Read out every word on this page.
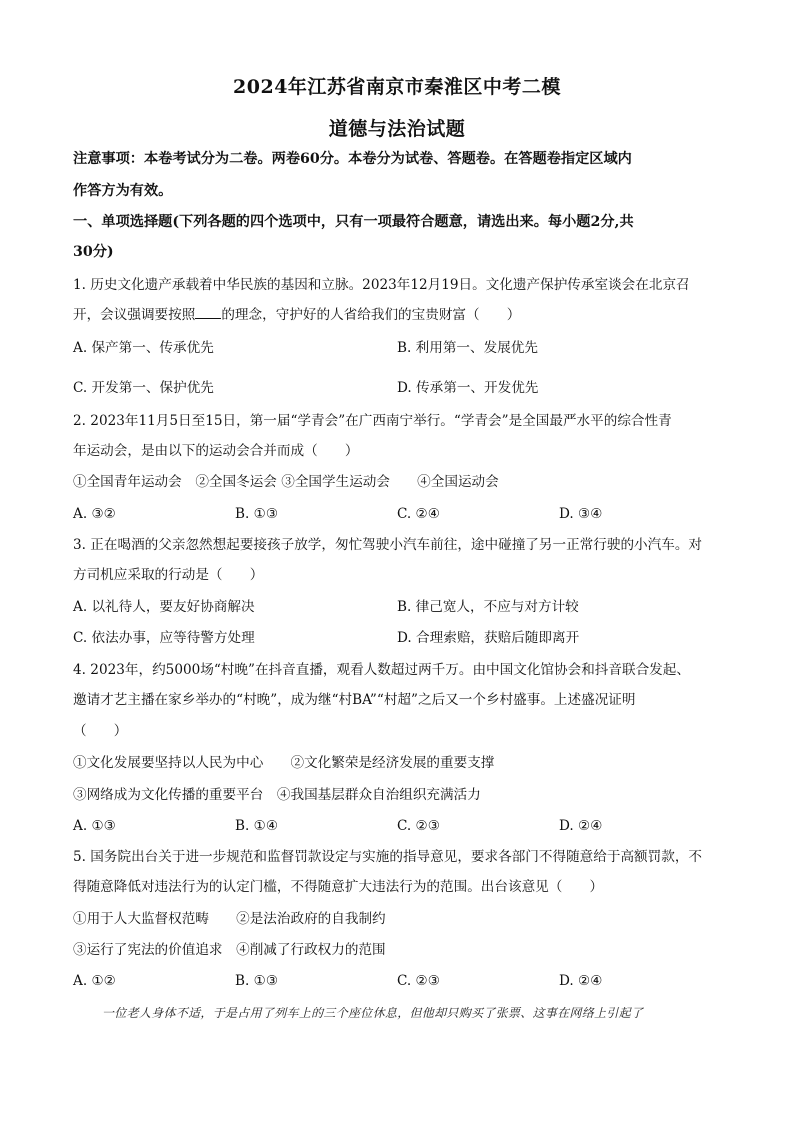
2024年江苏省南京市秦淮区中考二模
道德与法治试题
注意事项：本卷考试分为二卷。两卷60分。本卷分为试卷、答题卷。在答题卷指定区域内
作答方为有效。
一、单项选择题(下列各题的四个选项中，只有一项最符合题意，请选出来。每小题2分,共
30分)
1. 历史文化遗产承载着中华民族的基因和立脉。2023年12月19日。文化遗产保护传承室谈会在北京召
开，会议强调要按照 的理念，守护好的人省给我们的宝贵财富（　　）
A. 保产第一、传承优先	B. 利用第一、发展优先
C. 开发第一、保护优先	D. 传承第一、开发优先
2. 2023年11月5日至15日，第一届“学青会”在广西南宁举行。“学青会”是全国最严水平的综合性青
年运动会，是由以下的运动会合并而成（　　）
①全国青年运动会　②全国冬运会 ③全国学生运动会　　④全国运动会
A. ③②	B. ①③	C. ②④	D. ③④
3. 正在喝酒的父亲忽然想起要接孩子放学，匆忙驾驶小汽车前往，途中碰撞了另一正常行驶的小汽车。对
方司机应采取的行动是（　　）
A. 以礼待人，要友好协商解决	B. 律己宽人，不应与对方计较
C. 依法办事，应等待警方处理	D. 合理索赔，获赔后随即离开
4. 2023年，约5000场“村晚”在抖音直播，观看人数超过两千万。由中国文化馆协会和抖音联合发起、
邀请才艺主播在家乡举办的“村晚”，成为继“村BA”“村超”之后又一个乡村盛事。上述盛况证明
（　　）
①文化发展要坚持以人民为中心　　②文化繁荣是经济发展的重要支撑
③网络成为文化传播的重要平台　④我国基层群众自治组织充满活力
A. ①③	B. ①④	C. ②③	D. ②④
5. 国务院出台关于进一步规范和监督罚款设定与实施的指导意见，要求各部门不得随意给于高额罚款，不
得随意降低对违法行为的认定门槛，不得随意扩大违法行为的范围。出台该意见（　　）
①用于人大监督权范畴　　②是法治政府的自我制约
③运行了宪法的价值追求　④削减了行政权力的范围
A. ①②	B. ①③	C. ②③	D. ②④
一位老人身体不适，于是占用了列车上的三个座位休息，但他却只购买了张票、这事在网络上引起了
